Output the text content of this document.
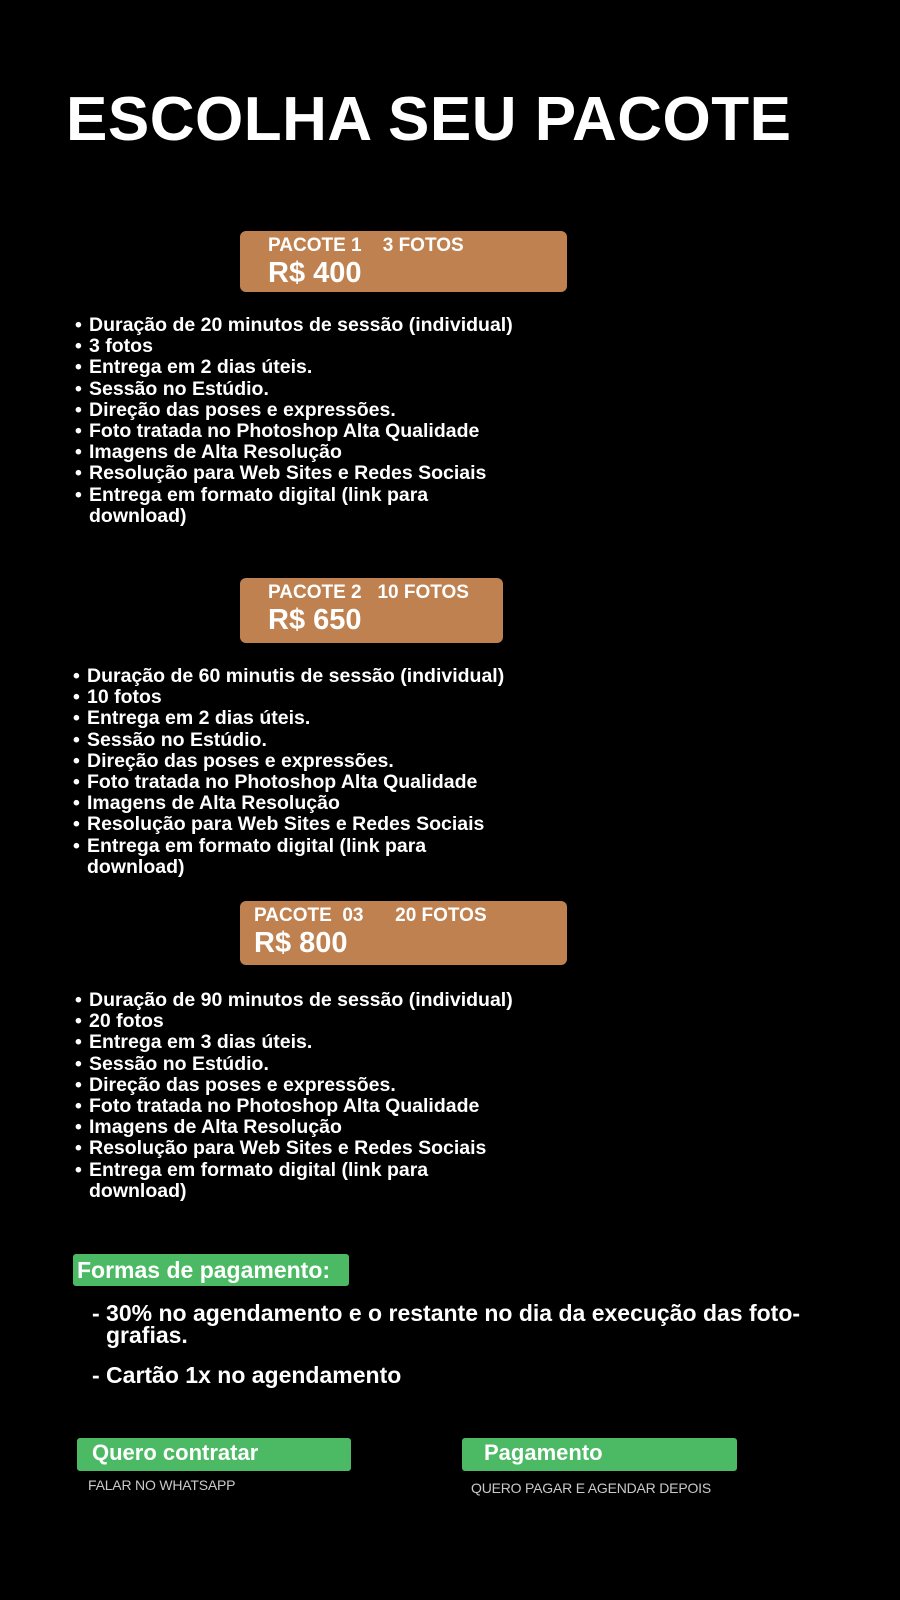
ESCOLHA SEU PACOTE
PACOTE 1    3 FOTOS
R$ 400
• Duração de 20 minutos de sessão (individual)
• 3 fotos
• Entrega em 2 dias úteis.
• Sessão no Estúdio.
• Direção das poses e expressões.
• Foto tratada no Photoshop Alta Qualidade
• Imagens de Alta Resolução
• Resolução para Web Sites e Redes Sociais
• Entrega em formato digital (link para
download)
PACOTE 2   10 FOTOS
R$ 650
• Duração de 60 minutis de sessão (individual)
• 10 fotos
• Entrega em 2 dias úteis.
• Sessão no Estúdio.
• Direção das poses e expressões.
• Foto tratada no Photoshop Alta Qualidade
• Imagens de Alta Resolução
• Resolução para Web Sites e Redes Sociais
• Entrega em formato digital (link para
download)
PACOTE  03      20 FOTOS
R$ 800
• Duração de 90 minutos de sessão (individual)
• 20 fotos
• Entrega em 3 dias úteis.
• Sessão no Estúdio.
• Direção das poses e expressões.
• Foto tratada no Photoshop Alta Qualidade
• Imagens de Alta Resolução
• Resolução para Web Sites e Redes Sociais
• Entrega em formato digital (link para
download)
Formas de pagamento:
- 30% no agendamento e o restante no dia da execução das foto-
grafias.
- Cartão 1x no agendamento
Quero contratar
FALAR NO WHATSAPP
Pagamento
QUERO PAGAR E AGENDAR DEPOIS
